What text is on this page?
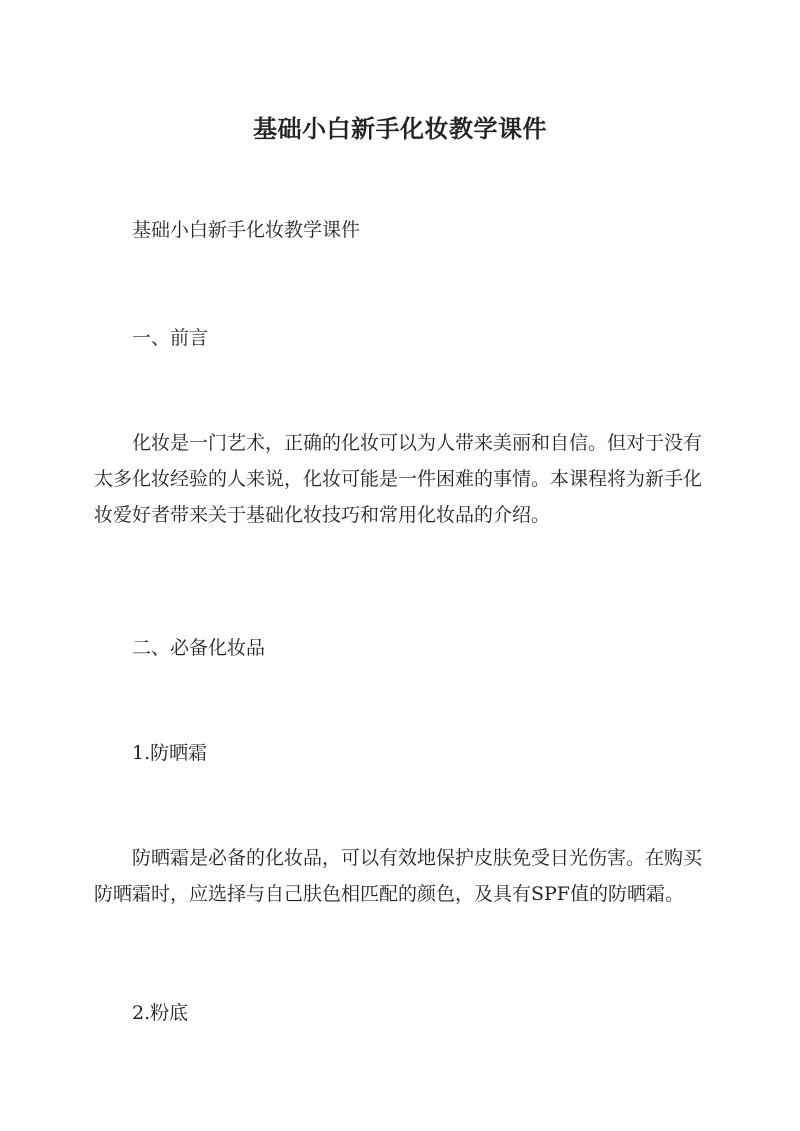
基础小白新手化妆教学课件

基础小白新手化妆教学课件

一、前言

化妆是一门艺术，正确的化妆可以为人带来美丽和自信。但对于没有太多化妆经验的人来说，化妆可能是一件困难的事情。本课程将为新手化妆爱好者带来关于基础化妆技巧和常用化妆品的介绍。

二、必备化妆品

1.防晒霜

防晒霜是必备的化妆品，可以有效地保护皮肤免受日光伤害。在购买防晒霜时，应选择与自己肤色相匹配的颜色，及具有SPF值的防晒霜。

2.粉底
